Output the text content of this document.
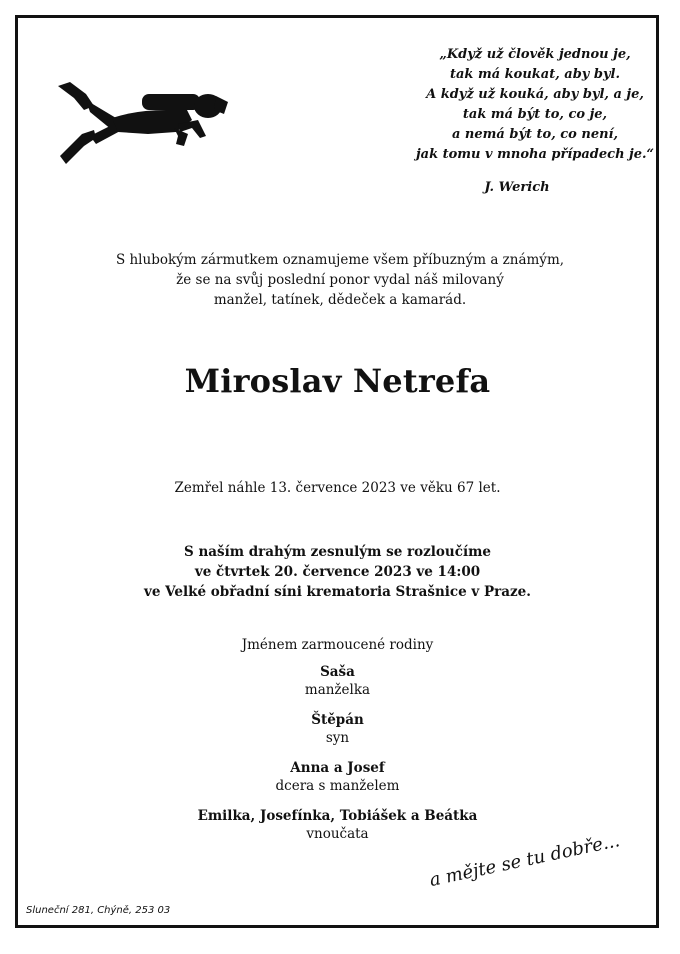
„Když už člověk jednou je,
tak má koukat, aby byl.
A když už kouká, aby byl, a je,
tak má být to, co je,
a nemá být to, co není,
jak tomu v mnoha případech je.“
J. Werich
S hlubokým zármutkem oznamujeme všem příbuzným a známým,
že se na svůj poslední ponor vydal náš milovaný
manžel, tatínek, dědeček a kamarád.
Miroslav Netrefa
Zemřel náhle 13. července 2023 ve věku 67 let.
S naším drahým zesnulým se rozloučíme
ve čtvrtek 20. července 2023 ve 14:00
ve Velké obřadní síni krematoria Strašnice v Praze.
Jménem zarmoucené rodiny
Saša
manželka
Štěpán
syn
Anna a Josef
dcera s manželem
Emilka, Josefínka, Tobiášek a Beátka
vnoučata
Sluneční 281, Chýně, 253 03
a mějte se tu dobře...
